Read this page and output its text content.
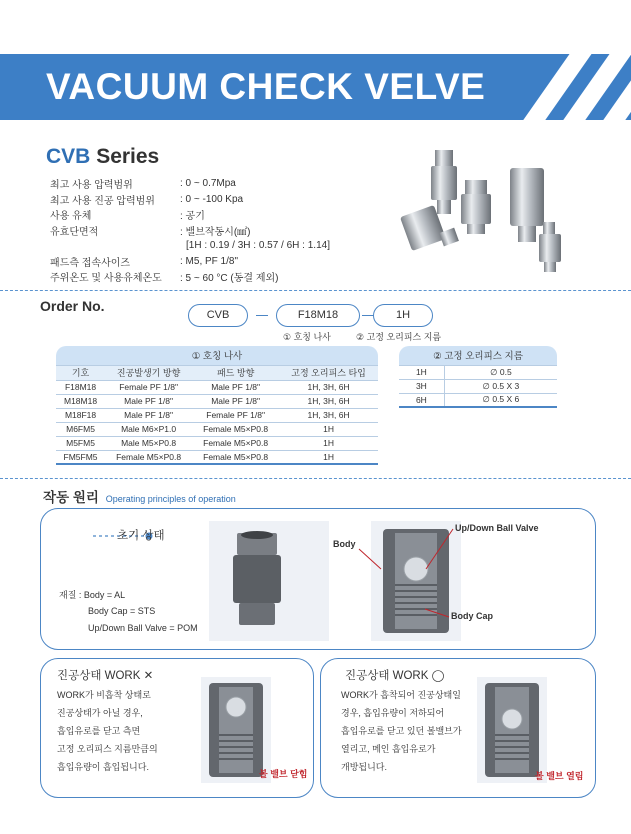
VACUUM CHECK VELVE
CVB Series
최고 사용 압력범위	: 0 ~ 0.7Mpa
최고 사용 진공 압력범위	: 0 ~ -100 Kpa
사용 유체	: 공기
유효단면적	: 밸브작동시(㎟)
[1H : 0.19 / 3H : 0.57 / 6H : 1.14]
패드측 접속사이즈	: M5, PF 1/8"
주위온도 및 사용유체온도	: 5 ~ 60 °C (동결 제외)
Order No.
CVB	F18M18	1H
① 호칭 나사	② 고정 오리피스 지름
① 호칭 나사			
기호	진공발생기 방향	패드 방향	고정 오리피스 타입
F18M18	Female PF 1/8"	Male PF 1/8"	1H, 3H, 6H
M18M18	Male PF 1/8"	Male PF 1/8"	1H, 3H, 6H
M18F18	Male PF 1/8"	Female PF 1/8"	1H, 3H, 6H
M6FM5	Male M6×P1.0	Female M5×P0.8	1H
M5FM5	Male M5×P0.8	Female M5×P0.8	1H
FM5FM5	Female M5×P0.8	Female M5×P0.8	1H
② 고정 오리피스 지름	
1H	∅ 0.5
3H	∅ 0.5 X 3
6H	∅ 0.5 X 6
작동 원리 Operating principles of operation
초기 상태
재질 : Body = AL
Body Cap = STS
Up/Down Ball Valve = POM
Body
Up/Down Ball Valve
Body Cap
진공상태 WORK ✕
WORK가 비흡착 상태로
진공상태가 아닐 경우,
흡입유로를 닫고 측면
고정 오리피스 지름만큼의
흡입유량이 흡입됩니다.
볼 밸브 닫힘
진공상태 WORK ◯
WORK가 흡착되어 진공상태일
경우, 흡입유량이 저하되어
흡입유로를 닫고 있던 볼밸브가
열리고, 메인 흡입유로가
개방됩니다.
볼 밸브 열림
